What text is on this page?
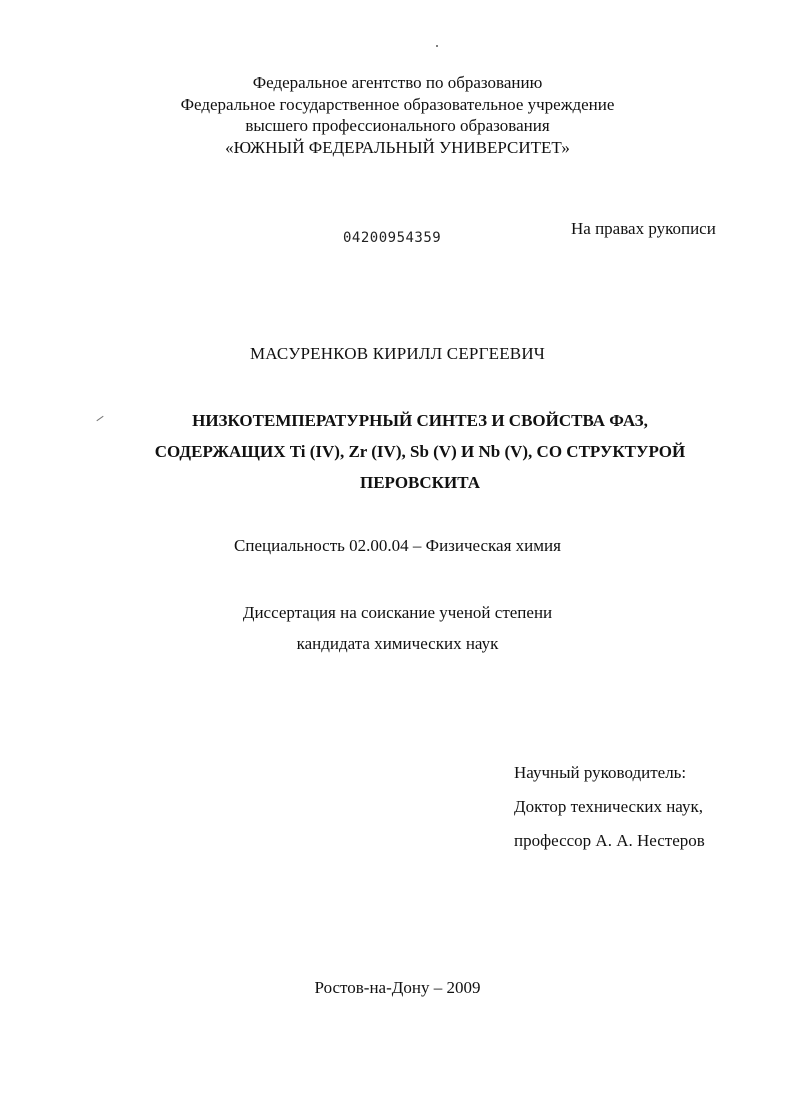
Федеральное агентство по образованию
Федеральное государственное образовательное учреждение
высшего профессионального образования
«ЮЖНЫЙ ФЕДЕРАЛЬНЫЙ УНИВЕРСИТЕТ»
04200954359	На правах рукописи
МАСУРЕНКОВ КИРИЛЛ СЕРГЕЕВИЧ
НИЗКОТЕМПЕРАТУРНЫЙ СИНТЕЗ И СВОЙСТВА ФАЗ,
СОДЕРЖАЩИХ Ti (IV), Zr (IV), Sb (V) И Nb (V), СО СТРУКТУРОЙ
ПЕРОВСКИТА
Специальность 02.00.04 – Физическая химия
Диссертация на соискание ученой степени
кандидата химических наук
Научный руководитель:
Доктор технических наук,
профессор А. А. Нестеров
Ростов-на-Дону – 2009
